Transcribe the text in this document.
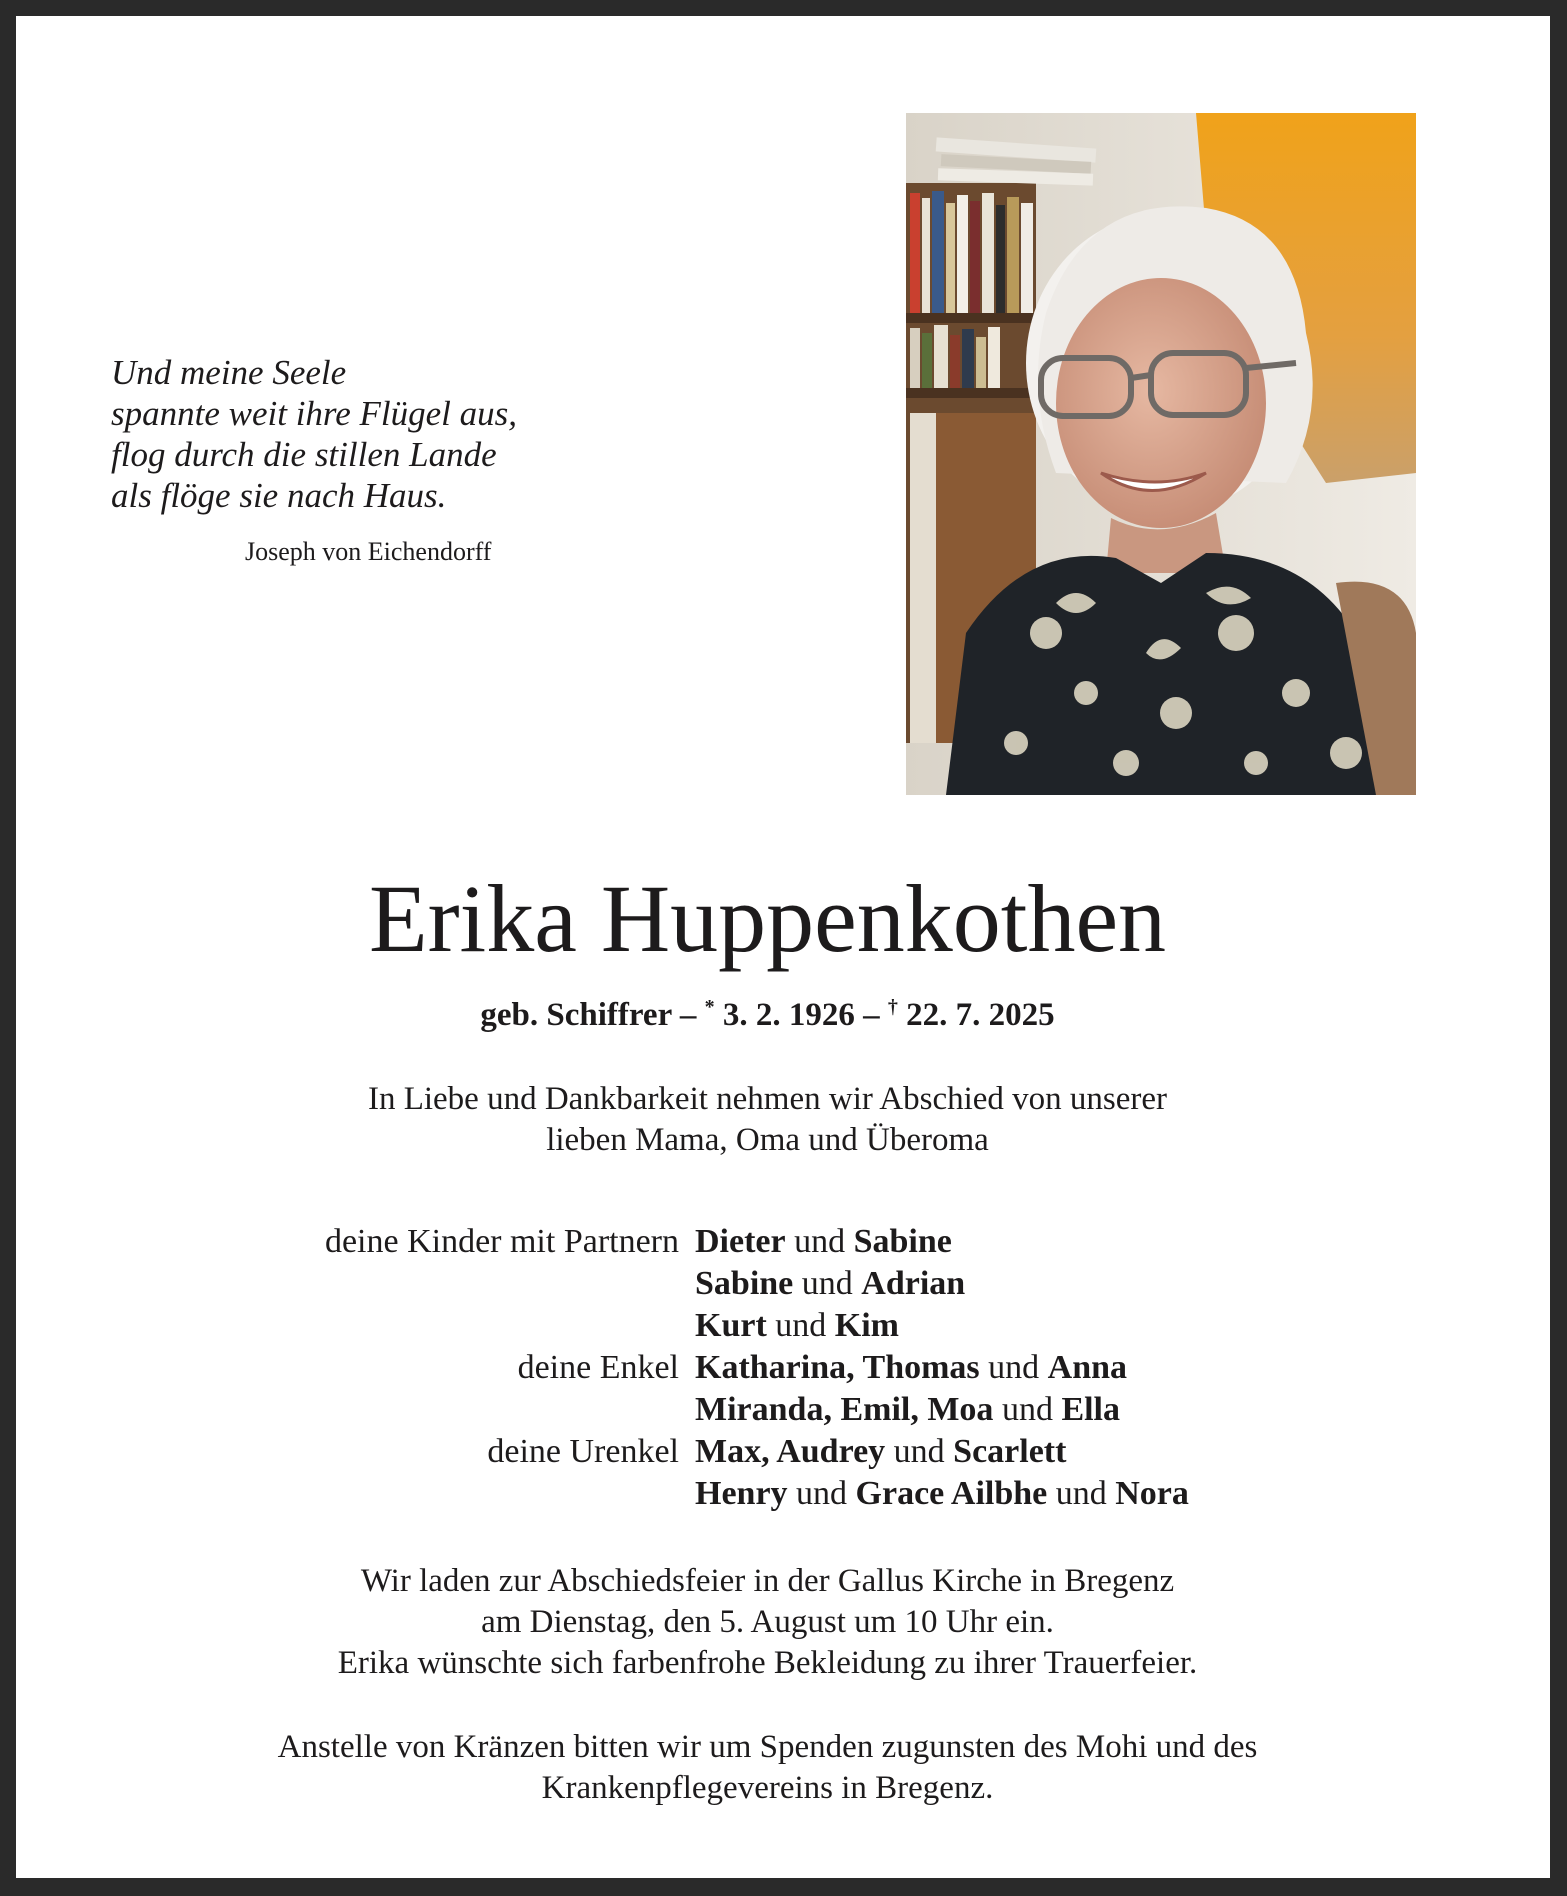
Und meine Seele
spannte weit ihre Flügel aus,
flog durch die stillen Lande
als flöge sie nach Haus.
Joseph von Eichendorff
Erika Huppenkothen
geb. Schiffrer – * 3. 2. 1926 – † 22. 7. 2025
In Liebe und Dankbarkeit nehmen wir Abschied von unserer
lieben Mama, Oma und Überoma
deine Kinder mit Partnern Dieter und Sabine
Sabine und Adrian
Kurt und Kim
deine Enkel Katharina, Thomas und Anna
Miranda, Emil, Moa und Ella
deine Urenkel Max, Audrey und Scarlett
Henry und Grace Ailbhe und Nora
Wir laden zur Abschiedsfeier in der Gallus Kirche in Bregenz
am Dienstag, den 5. August um 10 Uhr ein.
Erika wünschte sich farbenfrohe Bekleidung zu ihrer Trauerfeier.
Anstelle von Kränzen bitten wir um Spenden zugunsten des Mohi und des
Krankenpflegevereins in Bregenz.
